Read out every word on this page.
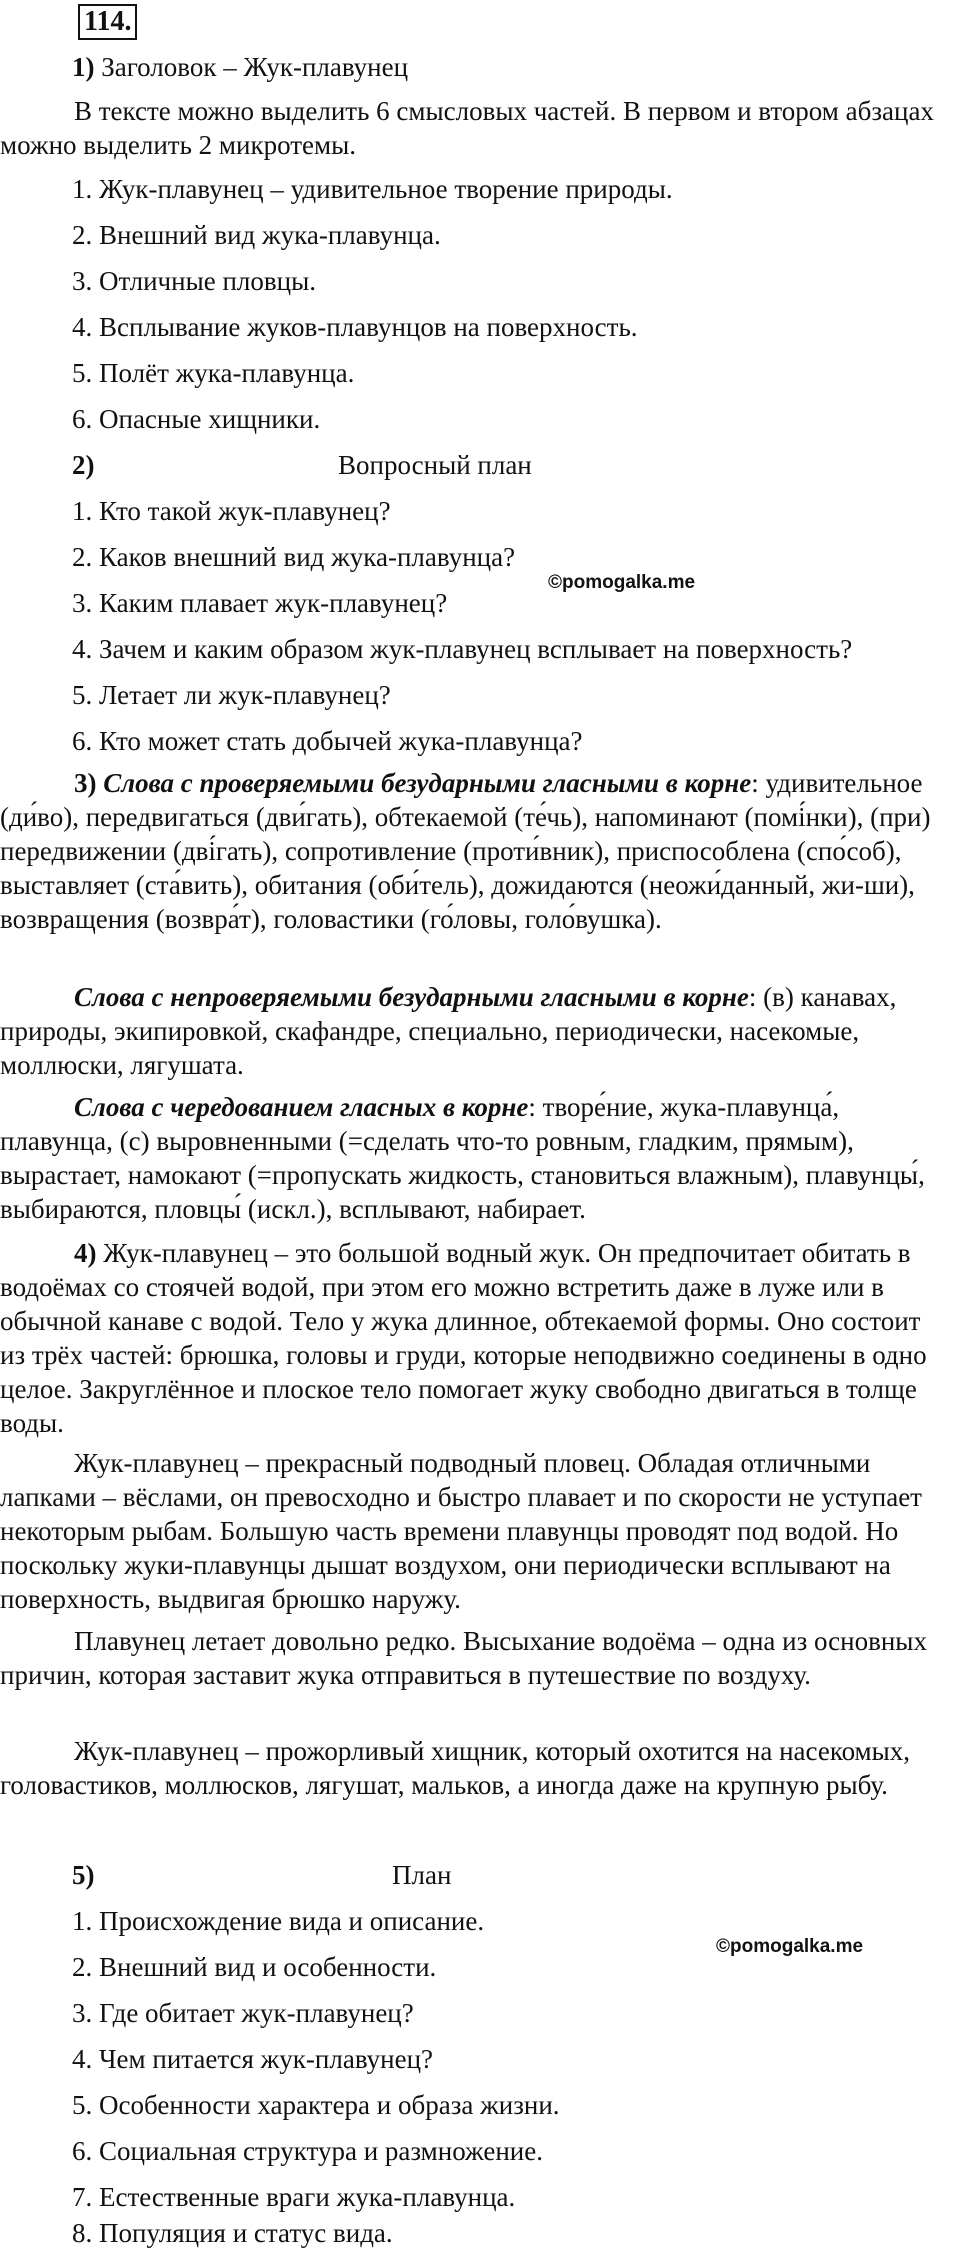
114.
1) Заголовок – Жук-плавунец

В тексте можно выделить 6 смысловых частей. В первом и втором абзацах можно выделить 2 микротемы.

1. Жук-плавунец – удивительное творение природы.
2. Внешний вид жука-плавунца.
3. Отличные пловцы.
4. Всплывание жуков-плавунцов на поверхность.
5. Полёт жука-плавунца.
6. Опасные хищники.
2)	Вопросный план
1. Кто такой жук-плавунец?
2. Каков внешний вид жука-плавунца?
©pomogalka.me
3. Каким плавает жук-плавунец?
4. Зачем и каким образом жук-плавунец всплывает на поверхность?
5. Летает ли жук-плавунец?
6. Кто может стать добычей жука-плавунца?

3) Слова с проверяемыми безударными гласными в корне: удивительное (ди́во), передвигаться (дви́гать), обтекаемой (те́чь), напоминают (помі́нки), (при) передвижении (дві́гать), сопротивление (проти́вник), приспособлена (спо́соб), выставляет (ста́вить), обитания (оби́тель), дожидаются (неожи́данный, жи-ши), возвращения (возвра́т), головастики (го́ловы, голо́вушка).

Слова с непроверяемыми безударными гласными в корне: (в) канавах, природы, экипировкой, скафандре, специально, периодически, насекомые, моллюски, лягушата.

Слова с чередованием гласных в корне: творе́ние, жука-плавунца́, плавунца, (с) выровненными (=сделать что-то ровным, гладким, прямым), вырастает, намокают (=пропускать жидкость, становиться влажным), плавунцы́, выбираются, пловцы́ (искл.), всплывают, набирает.

4) Жук-плавунец – это большой водный жук. Он предпочитает обитать в водоёмах со стоячей водой, при этом его можно встретить даже в луже или в обычной канаве с водой. Тело у жука длинное, обтекаемой формы. Оно состоит из трёх частей: брюшка, головы и груди, которые неподвижно соединены в одно целое. Закруглённое и плоское тело помогает жуку свободно двигаться в толще воды.

Жук-плавунец – прекрасный подводный пловец. Обладая отличными лапками – вёслами, он превосходно и быстро плавает и по скорости не уступает некоторым рыбам. Большую часть времени плавунцы проводят под водой. Но поскольку жуки-плавунцы дышат воздухом, они периодически всплывают на поверхность, выдвигая брюшко наружу.

Плавунец летает довольно редко. Высыхание водоёма – одна из основных причин, которая заставит жука отправиться в путешествие по воздуху.

Жук-плавунец – прожорливый хищник, который охотится на насекомых, головастиков, моллюсков, лягушат, мальков, а иногда даже на крупную рыбу.

5)	План
1. Происхождение вида и описание.
©pomogalka.me
2. Внешний вид и особенности.
3. Где обитает жук-плавунец?
4. Чем питается жук-плавунец?
5. Особенности характера и образа жизни.
6. Социальная структура и размножение.
7. Естественные враги жука-плавунца.
8. Популяция и статус вида.
